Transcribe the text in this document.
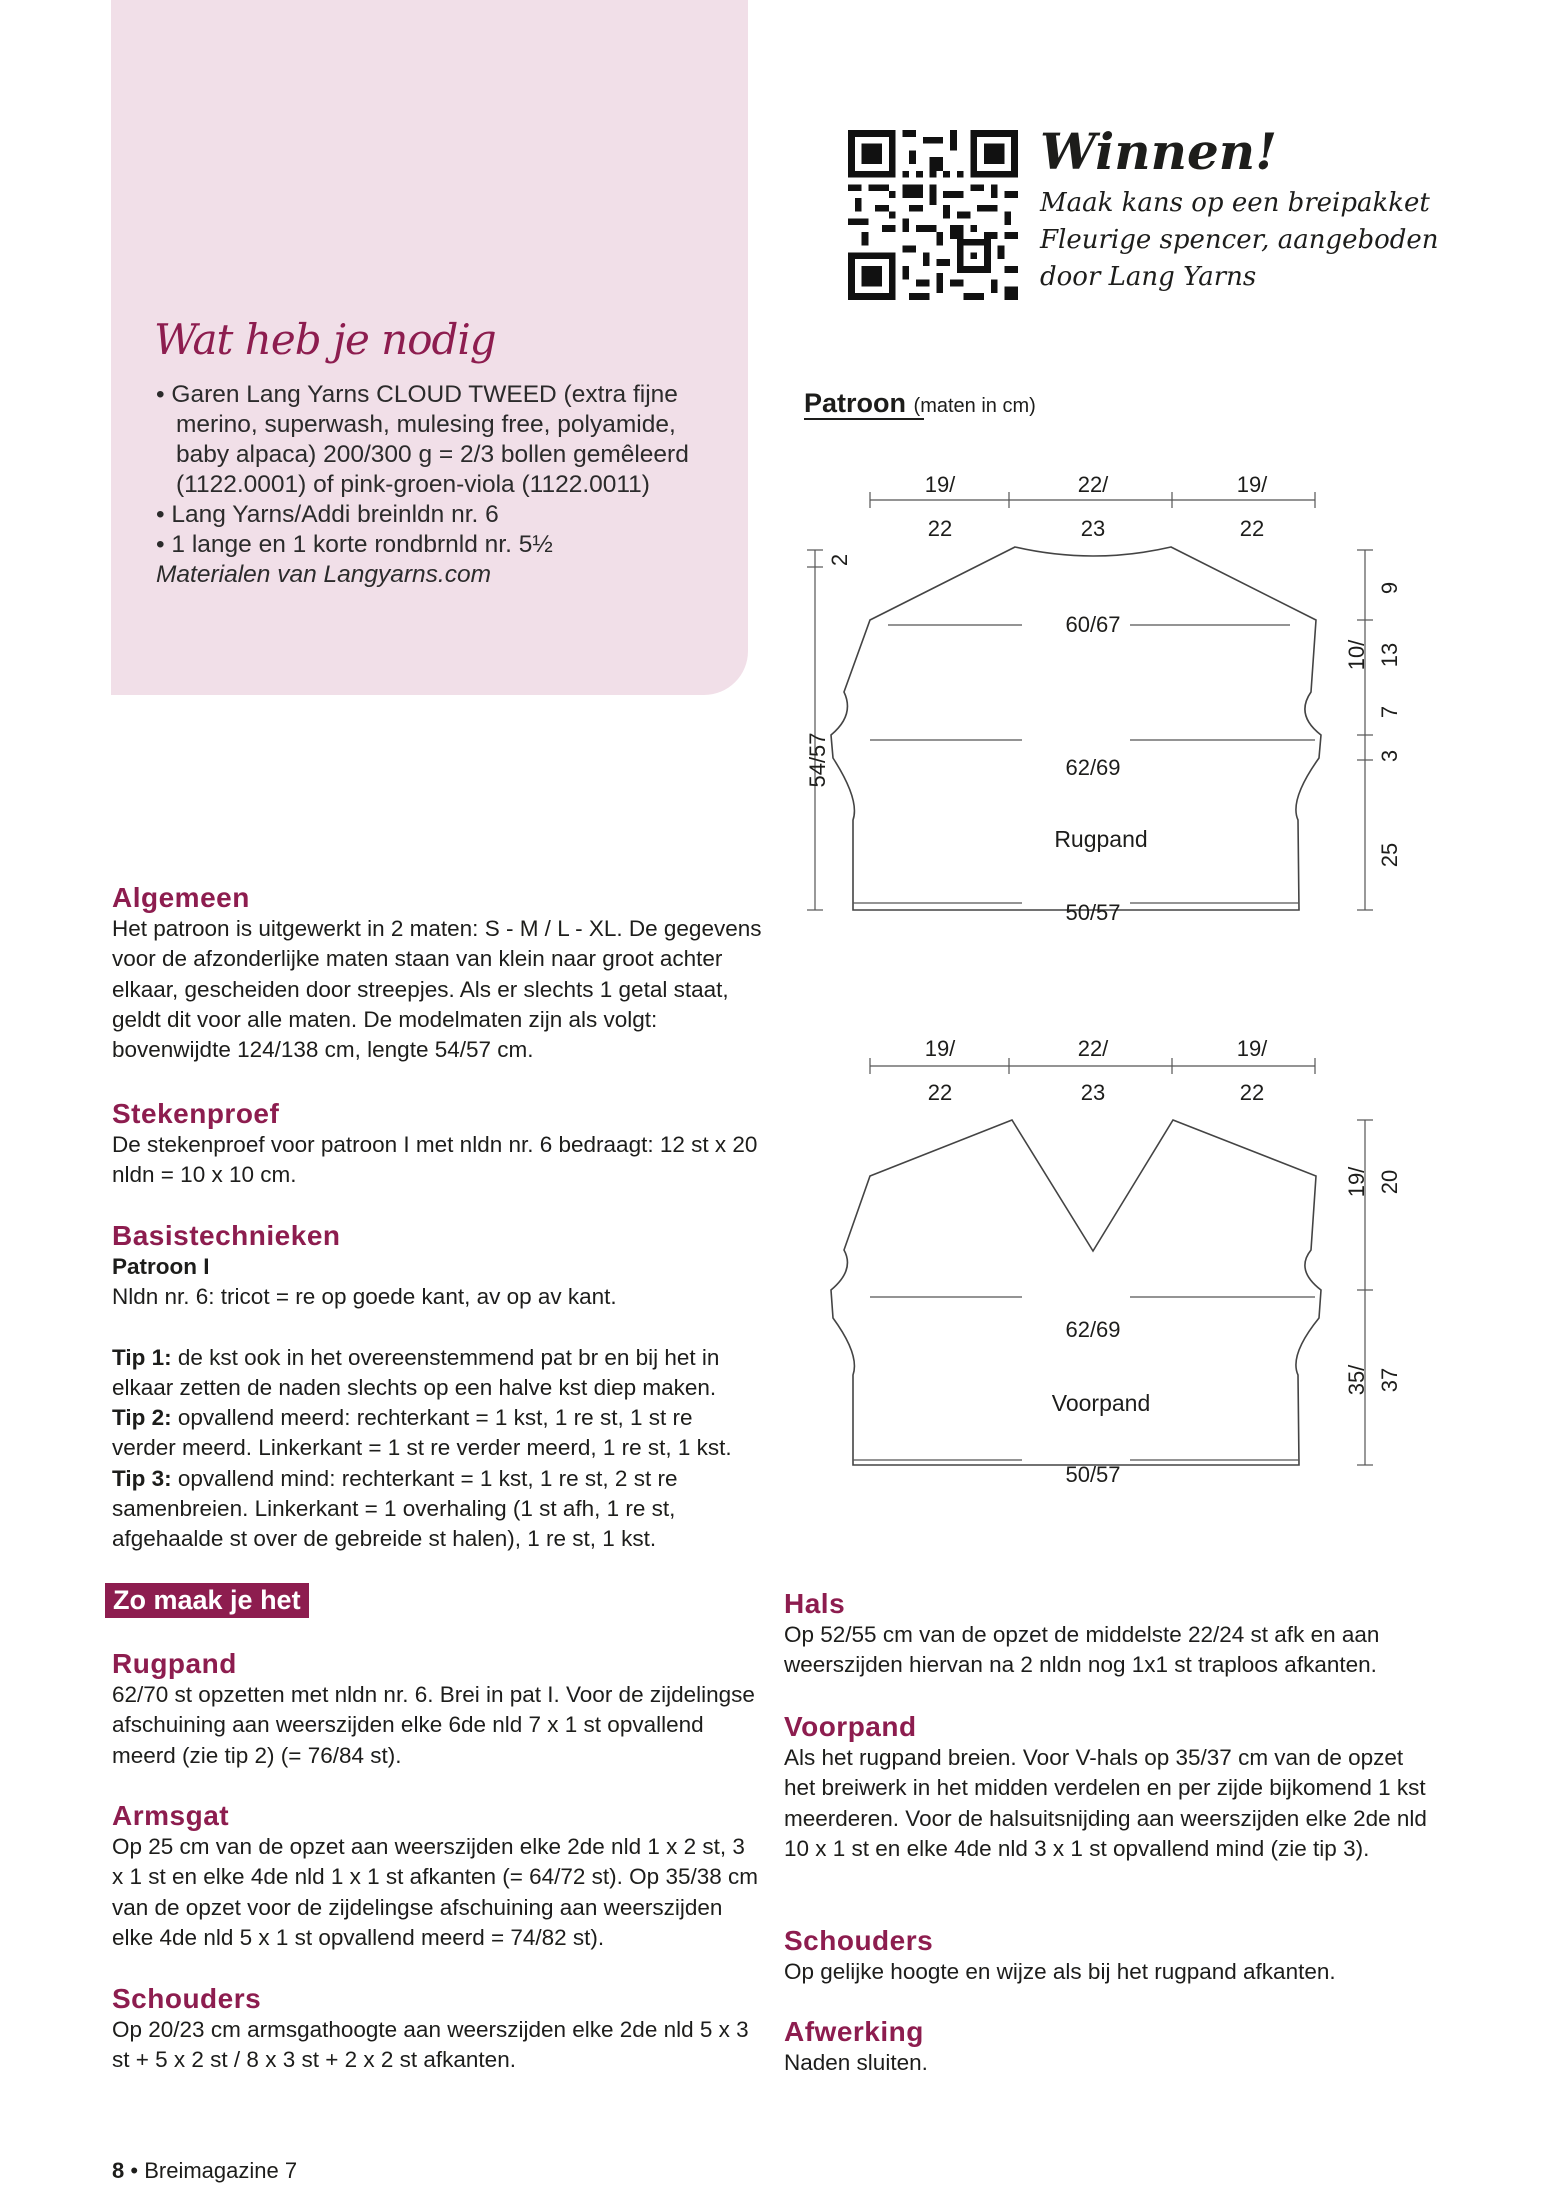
Wat heb je nodig
• Garen Lang Yarns CLOUD TWEED (extra fijne merino, superwash, mulesing free, polyamide, baby alpaca) 200/300 g = 2/3 bollen gemêleerd (1122.0001) of pink-groen-viola (1122.0011)
• Lang Yarns/Addi breinldn nr. 6
• 1 lange en 1 korte rondbrnld nr. 5½
Materialen van Langyarns.com
Winnen!
Maak kans op een breipakket Fleurige spencer, aangeboden door Lang Yarns
Patroon (maten in cm)
19/
22
22/
23
19/
22
60/67
62/69
Rugpand
50/57
2
54/57
9
10/ 13
7
3
25
19/
22
22/
23
19/
22
62/69
Voorpand
50/57
19/ 20
35/ 37
Algemeen

Het patroon is uitgewerkt in 2 maten: S - M / L - XL. De gegevens voor de afzonderlijke maten staan van klein naar groot achter elkaar, gescheiden door streepjes. Als er slechts 1 getal staat, geldt dit voor alle maten. De modelmaten zijn als volgt: bovenwijdte 124/138 cm, lengte 54/57 cm.

Stekenproef

De stekenproef voor patroon I met nldn nr. 6 bedraagt: 12 st x 20 nldn = 10 x 10 cm.

Basistechnieken

Patroon I

Nldn nr. 6: tricot = re op goede kant, av op av kant.

Tip 1: de kst ook in het overeenstemmend pat br en bij het in elkaar zetten de naden slechts op een halve kst diep maken.

Tip 2: opvallend meerd: rechterkant = 1 kst, 1 re st, 1 st re verder meerd. Linkerkant = 1 st re verder meerd, 1 re st, 1 kst.

Tip 3: opvallend mind: rechterkant = 1 kst, 1 re st, 2 st re samenbreien. Linkerkant = 1 overhaling (1 st afh, 1 re st, afgehaalde st over de gebreide st halen), 1 re st, 1 kst.

Zo maak je het
Rugpand

62/70 st opzetten met nldn nr. 6. Brei in pat I. Voor de zijdelingse afschuining aan weerszijden elke 6de nld 7 x 1 st opvallend meerd (zie tip 2) (= 76/84 st).

Armsgat

Op 25 cm van de opzet aan weerszijden elke 2de nld 1 x 2 st, 3 x 1 st en elke 4de nld 1 x 1 st afkanten (= 64/72 st). Op 35/38 cm van de opzet voor de zijdelingse afschuining aan weerszijden elke 4de nld 5 x 1 st opvallend meerd = 74/82 st).

Schouders

Op 20/23 cm armsgathoogte aan weerszijden elke 2de nld 5 x 3 st + 5 x 2 st / 8 x 3 st + 2 x 2 st afkanten.

Hals

Op 52/55 cm van de opzet de middelste 22/24 st afk en aan weerszijden hiervan na 2 nldn nog 1x1 st traploos afkanten.

Voorpand

Als het rugpand breien. Voor V-hals op 35/37 cm van de opzet het breiwerk in het midden verdelen en per zijde bijkomend 1 kst meerderen. Voor de halsuitsnijding aan weerszijden elke 2de nld 10 x 1 st en elke 4de nld 3 x 1 st opvallend mind (zie tip 3).

Schouders

Op gelijke hoogte en wijze als bij het rugpand afkanten.

Afwerking

Naden sluiten.

8 • Breimagazine 7
